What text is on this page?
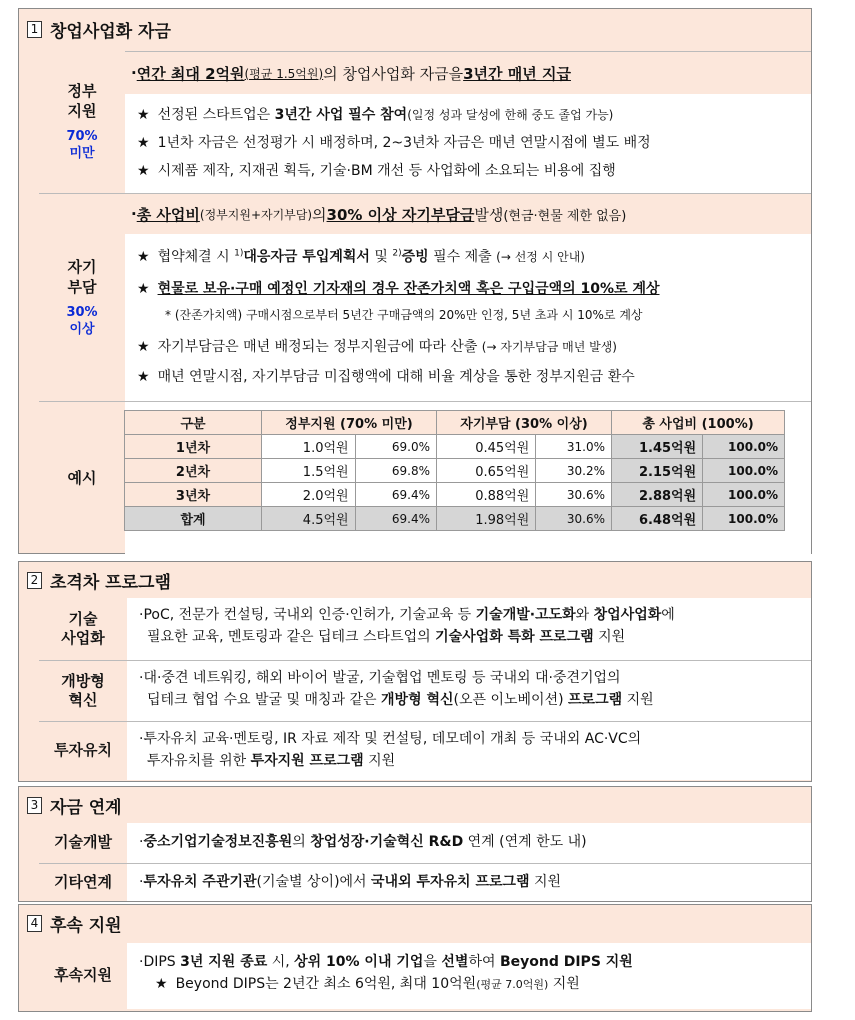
1 창업사업화 자금
정부
지원
70%
미만
· 연간 최대 2억원 (평균 1.5억원) 의 창업사업화 자금을 3년간 매년 지급
★ 선정된 스타트업은 3년간 사업 필수 참여(일정 성과 달성에 한해 중도 졸업 가능)
★ 1년차 자금은 선정평가 시 배정하며, 2~3년차 자금은 매년 연말시점에 별도 배정
★ 시제품 제작, 지재권 획득, 기술·BM 개선 등 사업화에 소요되는 비용에 집행
자기
부담
30%
이상
· 총 사업비 (정부지원+자기부담) 의 30% 이상 자기부담금 발생 (현금·현물 제한 없음)
★ 협약체결 시 $^{1)}$대응자금 투입계획서 및 $^{2)}$증빙 필수 제출 (→ 선정 시 안내)
★ 현물로 보유·구매 예정인 기자재의 경우 잔존가치액 혹은 구입금액의 10%로 계상
* (잔존가치액) 구매시점으로부터 5년간 구매금액의 20%만 인정, 5년 초과 시 10%로 계상
★ 자기부담금은 매년 배정되는 정부지원금에 따라 산출 (→ 자기부담금 매년 발생)
★ 매년 연말시점, 자기부담금 미집행액에 대해 비율 계상을 통한 정부지원금 환수
예시
구분	정부지원 (70% 미만)		자기부담 (30% 이상)		총 사업비 (100%)	
1년차	1.0억원	69.0%	0.45억원	31.0%	1.45억원	100.0%
2년차	1.5억원	69.8%	0.65억원	30.2%	2.15억원	100.0%
3년차	2.0억원	69.4%	0.88억원	30.6%	2.88억원	100.0%
합계	4.5억원	69.4%	1.98억원	30.6%	6.48억원	100.0%
2 초격차 프로그램
기술
사업화
·PoC, 전문가 컨설팅, 국내외 인증·인허가, 기술교육 등 기술개발·고도화와 창업사업화에
필요한 교육, 멘토링과 같은 딥테크 스타트업의 기술사업화 특화 프로그램 지원
개방형
혁신
·대·중견 네트워킹, 해외 바이어 발굴, 기술협업 멘토링 등 국내외 대·중견기업의
딥테크 협업 수요 발굴 및 매칭과 같은 개방형 혁신(오픈 이노베이션) 프로그램 지원
투자유치
·투자유치 교육·멘토링, IR 자료 제작 및 컨설팅, 데모데이 개최 등 국내외 AC·VC의
투자유치를 위한 투자지원 프로그램 지원
3 자금 연계
기술개발	·중소기업기술정보진흥원의 창업성장·기술혁신 R&D 연계 (연계 한도 내)
기타연계	·투자유치 주관기관(기술별 상이)에서 국내외 투자유치 프로그램 지원
4 후속 지원
후속지원
·DIPS 3년 지원 종료 시, 상위 10% 이내 기업을 선별하여 Beyond DIPS 지원
★ Beyond DIPS는 2년간 최소 6억원, 최대 10억원(평균 7.0억원) 지원
